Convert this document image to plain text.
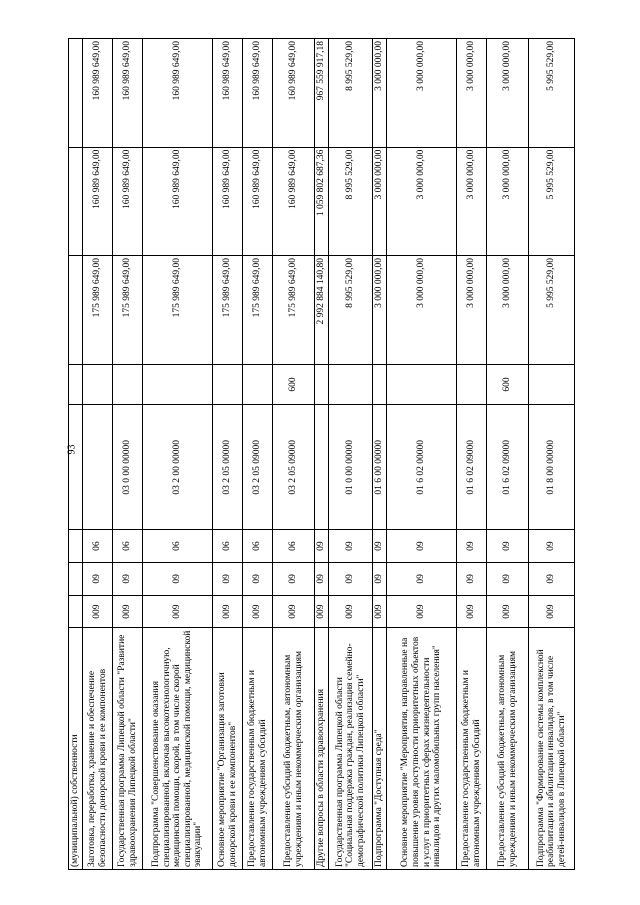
93
(муниципальной) собственности								
Заготовка, переработка, хранение и обеспечение безопасности донорской крови и ее компонентов	009	09	06			175 989 649,00	160 989 649,00	160 989 649,00
Государственная программа Липецкой области "Развитие здравоохранения Липецкой области"	009	09	06	03 0 00 00000		175 989 649,00	160 989 649,00	160 989 649,00
Подпрограмма "Совершенствование оказания специализированной, включая высокотехнологичную, медицинской помощи, скорой, в том числе скорой специализированной, медицинской помощи, медицинской эвакуации"	009	09	06	03 2 00 00000		175 989 649,00	160 989 649,00	160 989 649,00
Основное мероприятие "Организация заготовки донорской крови и ее компонентов"	009	09	06	03 2 05 00000		175 989 649,00	160 989 649,00	160 989 649,00
Предоставление государственным бюджетным и автономным учреждениям субсидий	009	09	06	03 2 05 09000		175 989 649,00	160 989 649,00	160 989 649,00
Предоставление субсидий бюджетным, автономным учреждениям и иным некоммерческим организациям	009	09	06	03 2 05 09000	600	175 989 649,00	160 989 649,00	160 989 649,00
Другие вопросы в области здравоохранения	009	09	09			2 992 884 140,80	1 059 802 687,36	967 559 917,18
Государственная программа Липецкой области "Социальная поддержка граждан, реализация семейно-демографической политики Липецкой области"	009	09	09	01 0 00 00000		8 995 529,00	8 995 529,00	8 995 529,00
Подпрограмма "Доступная среда"	009	09	09	01 6 00 00000		3 000 000,00	3 000 000,00	3 000 000,00
Основное мероприятие "Мероприятия, направленные на повышение уровня доступности приоритетных объектов и услуг в приоритетных сферах жизнедеятельности инвалидов и других маломобильных групп населения"	009	09	09	01 6 02 00000		3 000 000,00	3 000 000,00	3 000 000,00
Предоставление государственным бюджетным и автономным учреждениям субсидий	009	09	09	01 6 02 09000		3 000 000,00	3 000 000,00	3 000 000,00
Предоставление субсидий бюджетным, автономным учреждениям и иным некоммерческим организациям	009	09	09	01 6 02 09000	600	3 000 000,00	3 000 000,00	3 000 000,00
Подпрограмма "Формирование системы комплексной реабилитации и абилитации инвалидов, в том числе детей-инвалидов в Липецкой области"	009	09	09	01 8 00 00000		5 995 529,00	5 995 529,00	5 995 529,00
